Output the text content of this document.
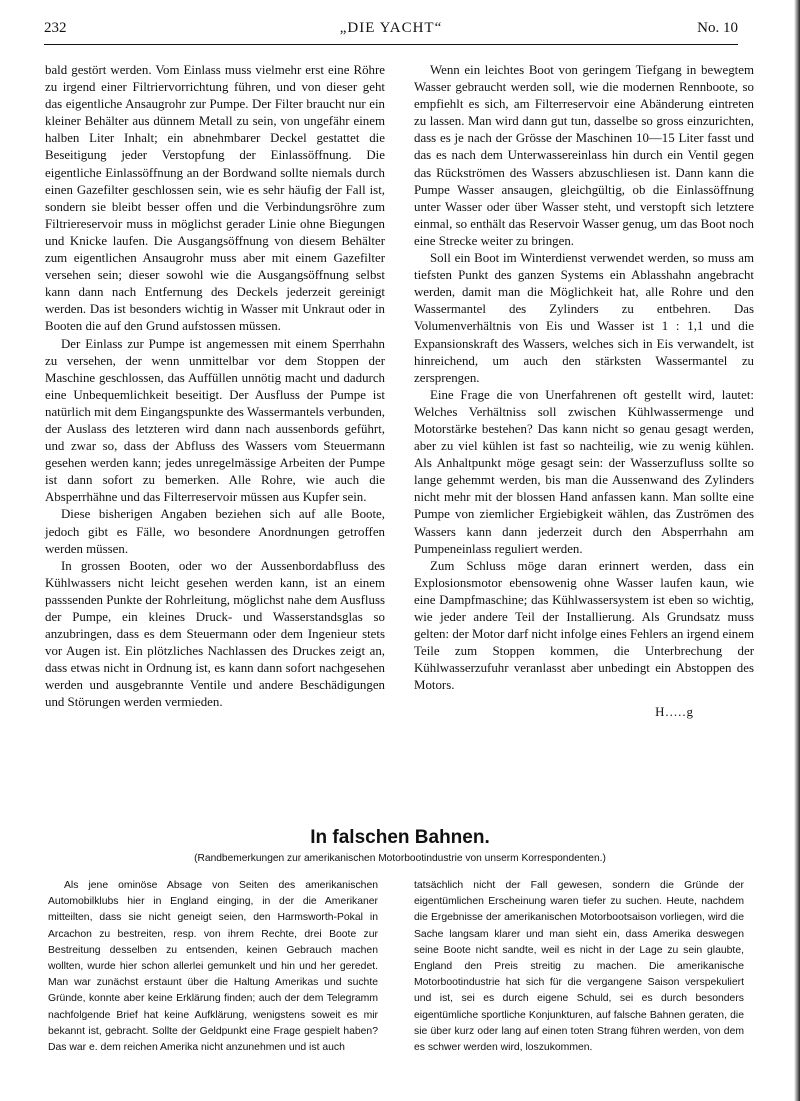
232	„DIE YACHT“	No. 10

bald gestört werden. Vom Einlass muss vielmehr erst eine Röhre zu irgend einer Filtriervorrichtung führen, und von dieser geht das eigentliche Ansaugrohr zur Pumpe. Der Filter braucht nur ein kleiner Behälter aus dünnem Metall zu sein, von ungefähr einem halben Liter Inhalt; ein abnehmbarer Deckel gestattet die Beseitigung jeder Verstopfung der Einlassöffnung. Die eigentliche Einlassöffnung an der Bordwand sollte niemals durch einen Gazefilter geschlossen sein, wie es sehr häufig der Fall ist, sondern sie bleibt besser offen und die Verbindungsröhre zum Filtriereservoir muss in möglichst gerader Linie ohne Biegungen und Knicke laufen. Die Ausgangsöffnung von diesem Behälter zum eigentlichen Ansaugrohr muss aber mit einem Gazefilter versehen sein; dieser sowohl wie die Ausgangsöffnung selbst kann dann nach Entfernung des Deckels jederzeit gereinigt werden. Das ist besonders wichtig in Wasser mit Unkraut oder in Booten die auf den Grund aufstossen müssen.

Der Einlass zur Pumpe ist angemessen mit einem Sperrhahn zu versehen, der wenn unmittelbar vor dem Stoppen der Maschine geschlossen, das Auffüllen unnötig macht und dadurch eine Unbequemlichkeit beseitigt. Der Ausfluss der Pumpe ist natürlich mit dem Eingangspunkte des Wassermantels verbunden, der Auslass des letzteren wird dann nach aussenbords geführt, und zwar so, dass der Abfluss des Wassers vom Steuermann gesehen werden kann; jedes unregelmässige Arbeiten der Pumpe ist dann sofort zu bemerken. Alle Rohre, wie auch die Absperrhähne und das Filterreservoir müssen aus Kupfer sein.

Diese bisherigen Angaben beziehen sich auf alle Boote, jedoch gibt es Fälle, wo besondere Anordnungen getroffen werden müssen.

In grossen Booten, oder wo der Aussenbordabfluss des Kühlwassers nicht leicht gesehen werden kann, ist an einem passsenden Punkte der Rohrleitung, möglichst nahe dem Ausfluss der Pumpe, ein kleines Druck- und Wasserstandsglas so anzubringen, dass es dem Steuermann oder dem Ingenieur stets vor Augen ist. Ein plötzliches Nachlassen des Druckes zeigt an, dass etwas nicht in Ordnung ist, es kann dann sofort nachgesehen werden und ausgebrannte Ventile und andere Beschädigungen und Störungen werden vermieden.

Wenn ein leichtes Boot von geringem Tiefgang in bewegtem Wasser gebraucht werden soll, wie die modernen Rennboote, so empfiehlt es sich, am Filterreservoir eine Abänderung eintreten zu lassen. Man wird dann gut tun, dasselbe so gross einzurichten, dass es je nach der Grösse der Maschinen 10—15 Liter fasst und das es nach dem Unterwassereinlass hin durch ein Ventil gegen das Rückströmen des Wassers abzuschliesen ist. Dann kann die Pumpe Wasser ansaugen, gleichgültig, ob die Einlassöffnung unter Wasser oder über Wasser steht, und verstopft sich letztere einmal, so enthält das Reservoir Wasser genug, um das Boot noch eine Strecke weiter zu bringen.

Soll ein Boot im Winterdienst verwendet werden, so muss am tiefsten Punkt des ganzen Systems ein Ablasshahn angebracht werden, damit man die Möglichkeit hat, alle Rohre und den Wassermantel des Zylinders zu entbehren. Das Volumenverhältnis von Eis und Wasser ist 1 : 1,1 und die Expansionskraft des Wassers, welches sich in Eis verwandelt, ist hinreichend, um auch den stärksten Wassermantel zu zersprengen.

Eine Frage die von Unerfahrenen oft gestellt wird, lautet: Welches Verhältniss soll zwischen Kühlwassermenge und Motorstärke bestehen? Das kann nicht so genau gesagt werden, aber zu viel kühlen ist fast so nachteilig, wie zu wenig kühlen. Als Anhaltpunkt möge gesagt sein: der Wasserzufluss sollte so lange gehemmt werden, bis man die Aussenwand des Zylinders nicht mehr mit der blossen Hand anfassen kann. Man sollte eine Pumpe von ziemlicher Ergiebigkeit wählen, das Zuströmen des Wassers kann dann jederzeit durch den Absperrhahn am Pumpeneinlass reguliert werden.

Zum Schluss möge daran erinnert werden, dass ein Explosionsmotor ebensowenig ohne Wasser laufen kaun, wie eine Dampfmaschine; das Kühlwassersystem ist eben so wichtig, wie jeder andere Teil der Installierung. Als Grundsatz muss gelten: der Motor darf nicht infolge eines Fehlers an irgend einem Teile zum Stoppen kommen, die Unterbrechung der Kühlwasserzufuhr veranlasst aber unbedingt ein Abstoppen des Motors.

H.....g
In falschen Bahnen.
(Randbemerkungen zur amerikanischen Motorbootindustrie von unserm Korrespondenten.)

Als jene ominöse Absage von Seiten des amerikanischen Automobilklubs hier in England einging, in der die Amerikaner mitteilten, dass sie nicht geneigt seien, den Harmsworth-Pokal in Arcachon zu bestreiten, resp. von ihrem Rechte, drei Boote zur Bestreitung desselben zu entsenden, keinen Gebrauch machen wollten, wurde hier schon allerlei gemunkelt und hin und her geredet. Man war zunächst erstaunt über die Haltung Amerikas und suchte Gründe, konnte aber keine Erklärung finden; auch der dem Telegramm nachfolgende Brief hat keine Aufklärung, wenigstens soweit es mir bekannt ist, gebracht. Sollte der Geldpunkt eine Frage gespielt haben? Das war e. dem reichen Amerika nicht anzunehmen und ist auch

tatsächlich nicht der Fall gewesen, sondern die Gründe der eigentümlichen Erscheinung waren tiefer zu suchen. Heute, nachdem die Ergebnisse der amerikanischen Motorbootsaison vorliegen, wird die Sache langsam klarer und man sieht ein, dass Amerika deswegen seine Boote nicht sandte, weil es nicht in der Lage zu sein glaubte, England den Preis streitig zu machen. Die amerikanische Motorbootindustrie hat sich für die vergangene Saison verspekuliert und ist, sei es durch eigene Schuld, sei es durch besonders eigentümliche sportliche Konjunkturen, auf falsche Bahnen geraten, die sie über kurz oder lang auf einen toten Strang führen werden, von dem es schwer werden wird, loszukommen.
